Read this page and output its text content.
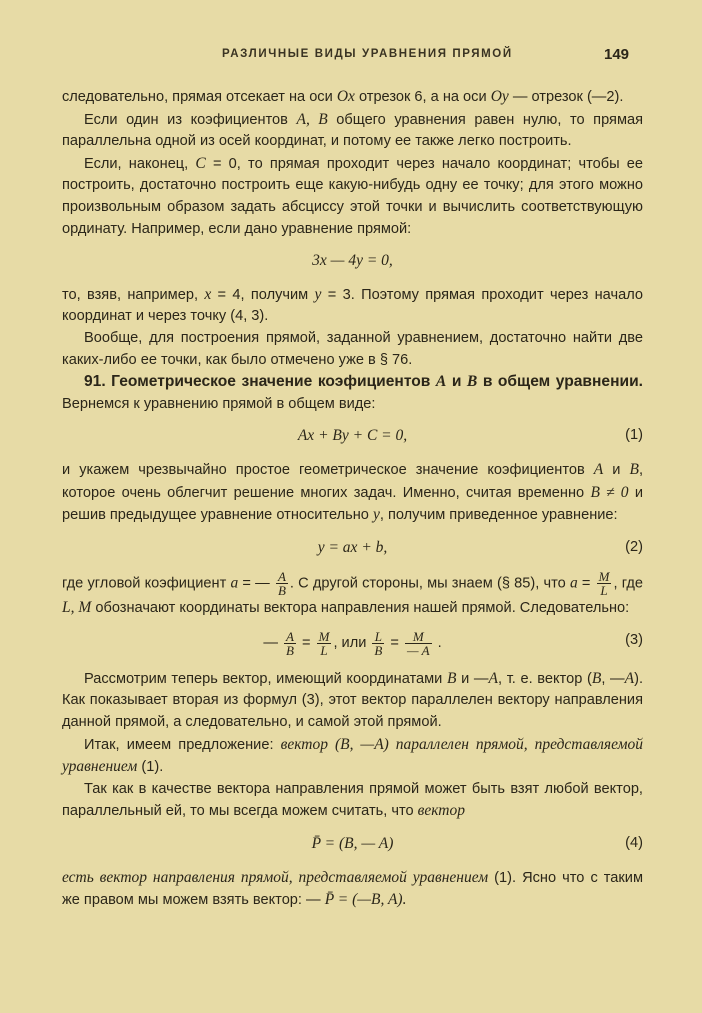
РАЗЛИЧНЫЕ ВИДЫ УРАВНЕНИЯ ПРЯМОЙ	149

следовательно, прямая отсекает на оси Ox отрезок 6, а на оси Oy — отрезок (—2).

Если один из коэфициентов A, B общего уравнения равен нулю, то прямая параллельна одной из осей координат, и потому ее также легко построить.

Если, наконец, C = 0, то прямая проходит через начало координат; чтобы ее построить, достаточно построить еще какую-нибудь одну ее точку; для этого можно произвольным образом задать абсциссу этой точки и вычислить соответствующую ординату. Например, если дано уравнение прямой:

3x — 4y = 0,

то, взяв, например, x = 4, получим y = 3. Поэтому прямая проходит через начало координат и через точку (4, 3).

Вообще, для построения прямой, заданной уравнением, достаточно найти две каких-либо ее точки, как было отмечено уже в § 76.

91. Геометрическое значение коэфициентов A и B в общем уравнении. Вернемся к уравнению прямой в общем виде:

Ax + By + C = 0,	(1)

и укажем чрезвычайно простое геометрическое значение коэфициентов A и B, которое очень облегчит решение многих задач. Именно, считая временно B ≠ 0 и решив предыдущее уравнение относительно y, получим приведенное уравнение:

y = ax + b,	(2)

где угловой коэфициент a = — $\frac{A}{B}$ . С другой стороны, мы знаем (§ 85), что $a = \frac{M}{L}$ , где L, M обозначают координаты вектора направления нашей прямой. Следовательно:

— $\frac{A}{B} = \frac{M}{L}$ , или $\frac{L}{B} = \frac{M}{— A}$ .	(3)

Рассмотрим теперь вектор, имеющий координатами B и —A, т. е. вектор (B, —A). Как показывает вторая из формул (3), этот вектор параллелен вектору направления данной прямой, а следовательно, и самой этой прямой.

Итак, имеем предложение: вектор (B, —A) параллелен прямой, представляемой уравнением (1).

Так как в качестве вектора направления прямой может быть взят любой вектор, параллельный ей, то мы всегда можем считать, что вектор

P̄ = (B, — A)	(4)

есть вектор направления прямой, представляемой уравнением (1). Ясно что с таким же правом мы можем взять вектор: — P̄ = (—B, A).
